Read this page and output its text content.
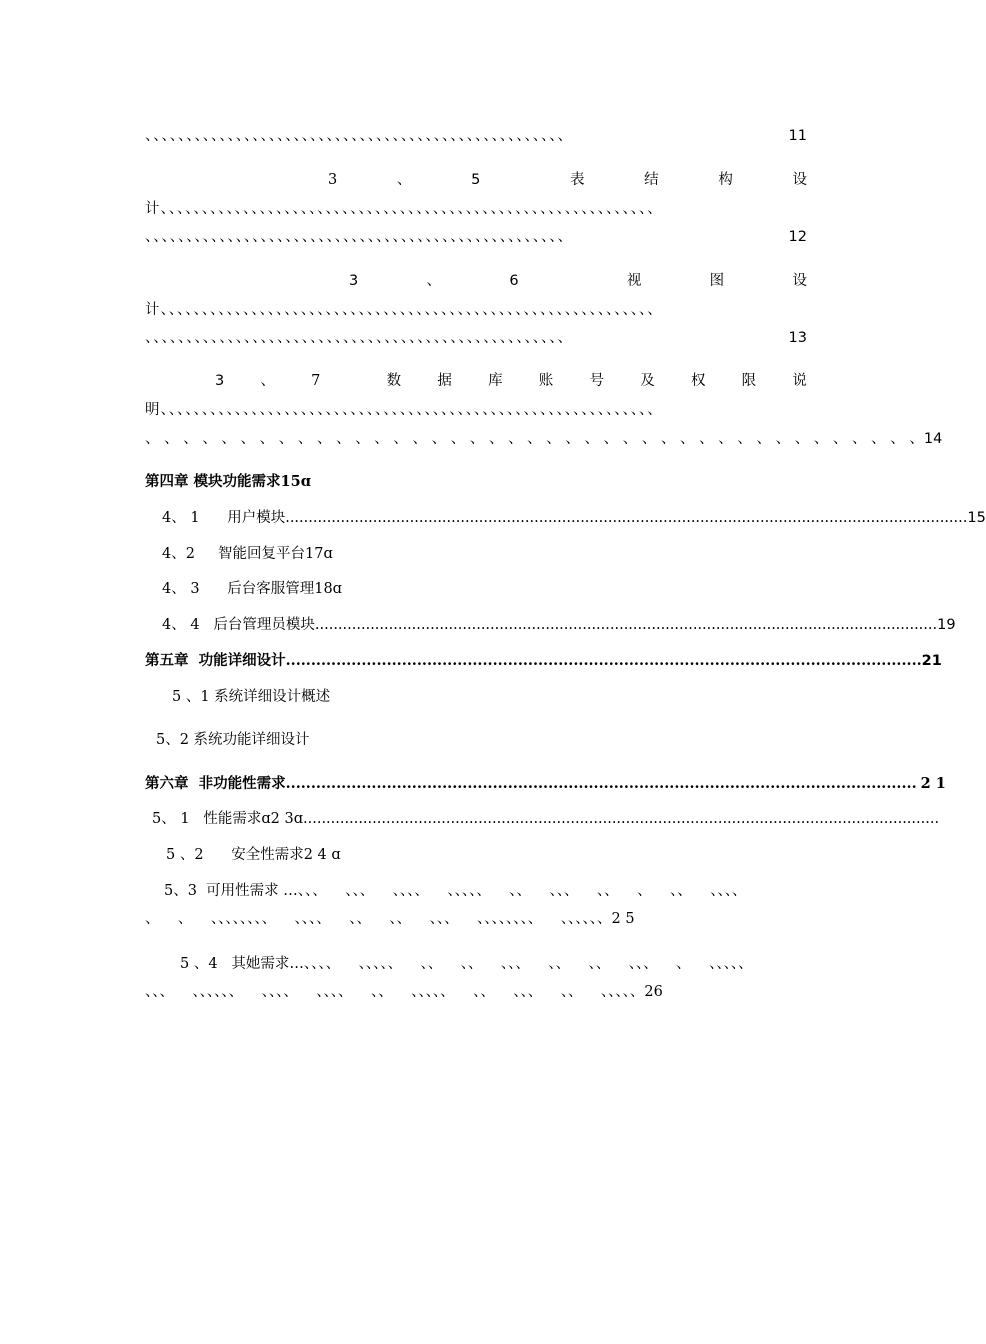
、、、、、、、、、、、、、、、、、、、、、、、、、、、、、、、、、、、、、、、、、、、、、、、、、、、	11
3	、	5	表	结	构	设
计、、、、、、、、、、、、、、、、、、、、、、、、、、、、、、、、、、、、、、、、、、、、、、、、、、、、、、、、、、、、
、、、、、、、、、、、、、、、、、、、、、、、、、、、、、、、、、、、、、、、、、、、、、、、、、、、	12
3	、	6	视	图	设
计、、、、、、、、、、、、、、、、、、、、、、、、、、、、、、、、、、、、、、、、、、、、、、、、、、、、、、、、、、、、
、、、、、、、、、、、、、、、、、、、、、、、、、、、、、、、、、、、、、、、、、、、、、、、、、、、	13
3 、 7	数 据 库 账 号 及 权 限 说
明、、、、、、、、、、、、、、、、、、、、、、、、、、、、、、、、、、、、、、、、、、、、、、、、、、、、、、、、、、、、
、 、 、 、 、 、 、 、 、 、 、 、 、 、 、 、 、 、 、 、 、 、 、 、 、 、 、 、 、 、 、 、 、 、 、 、 、 、 、 、 、 14
第四章 模块功能需求15ɑ
4、 1      用户模块 .................................................................................................................................................... 15
4、2     智能回复平台17ɑ
4、 3      后台客服管理18ɑ
4、 4   后台管理员模块 ....................................................................................................................................... 19
第五章  功能详细设计 .............................................................................................................................. 21
5 、1 系统详细设计概述
5、2 系统功能详细设计
第六章  非功能性需求 ............................................................................................................................. 2 1
5、 1   性能需求ɑ2 3ɑ ..........................................................................................................................................
5 、2      安全性需求2 4 ɑ
5、3  可用性需求 …、、、    、、、    、、、、    、、、、、    、、    、、、    、、    、    、、    、、、、
、    、    、、、、、、、、    、、、、    、、    、、    、、、    、、、、、、、、    、、、、、、2 5
5 、4   其她需求…、、、、    、、、、、    、、    、、    、、、    、、    、、    、、、    、    、、、、、
、、、    、、、、、、    、、、、    、、、、    、、    、、、、、    、、    、、、    、、    、、、、、26
